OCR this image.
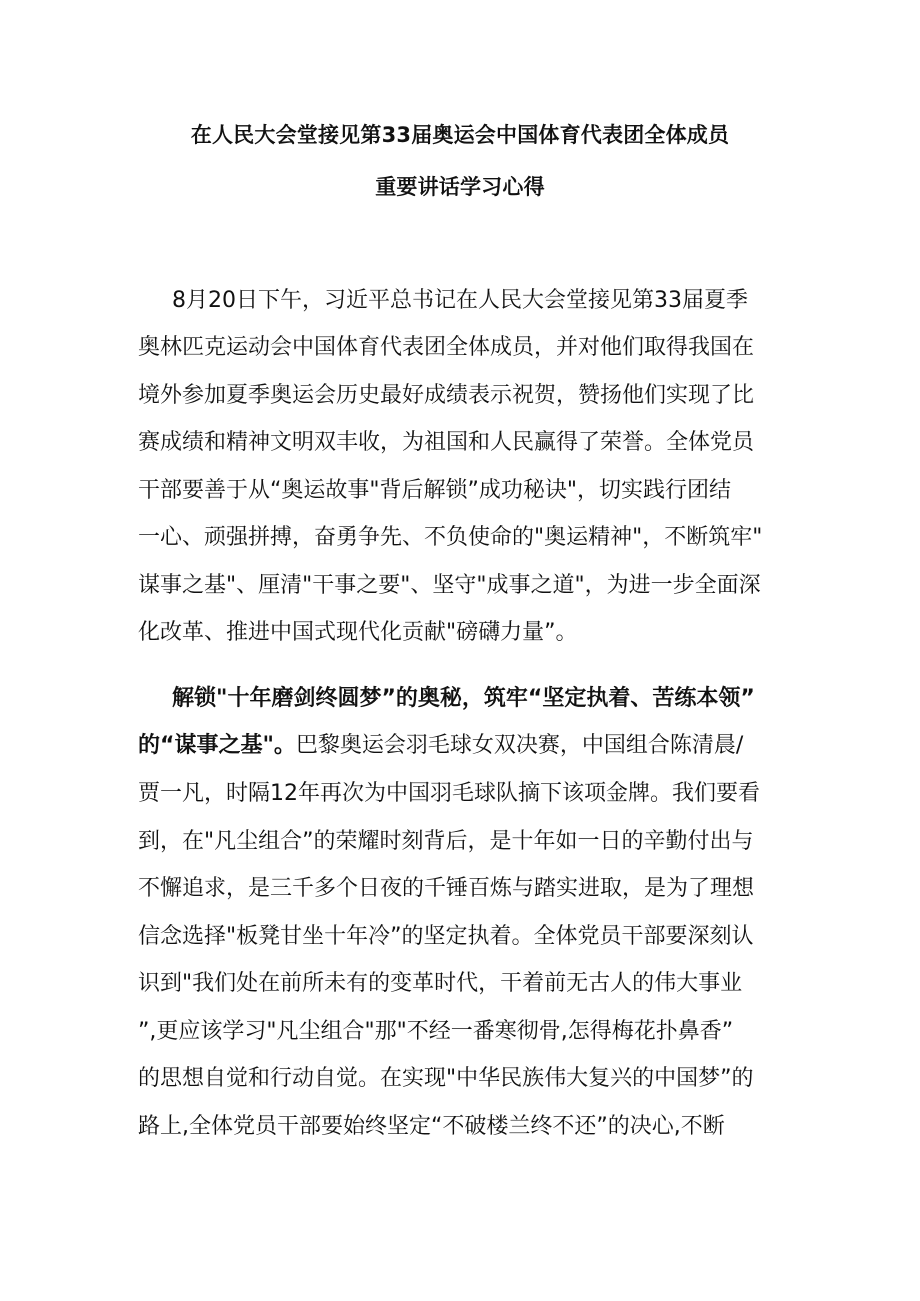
在人民大会堂接见第33届奥运会中国体育代表团全体成员
重要讲话学习心得
8月20日下午，习近平总书记在人民大会堂接见第33届夏季
奥林匹克运动会中国体育代表团全体成员，并对他们取得我国在
境外参加夏季奥运会历史最好成绩表示祝贺，赞扬他们实现了比
赛成绩和精神文明双丰收，为祖国和人民赢得了荣誉。全体党员
干部要善于从“奥运故事"背后解锁”成功秘诀"，切实践行团结
一心、顽强拼搏，奋勇争先、不负使命的"奥运精神"，不断筑牢"
谋事之基"、厘清"干事之要"、坚守"成事之道"，为进一步全面深
化改革、推进中国式现代化贡献"磅礴力量”。
解锁"十年磨剑终圆梦”的奥秘，筑牢“坚定执着、苦练本领”
的“谋事之基"。巴黎奥运会羽毛球女双决赛，中国组合陈清晨/
贾一凡，时隔12年再次为中国羽毛球队摘下该项金牌。我们要看
到，在"凡尘组合”的荣耀时刻背后，是十年如一日的辛勤付出与
不懈追求，是三千多个日夜的千锤百炼与踏实进取，是为了理想
信念选择"板凳甘坐十年冷”的坚定执着。全体党员干部要深刻认
识到"我们处在前所未有的变革时代，干着前无古人的伟大事业
”,更应该学习"凡尘组合"那"不经一番寒彻骨,怎得梅花扑鼻香”
的思想自觉和行动自觉。在实现"中华民族伟大复兴的中国梦”的
路上,全体党员干部要始终坚定“不破楼兰终不还”的决心,不断
